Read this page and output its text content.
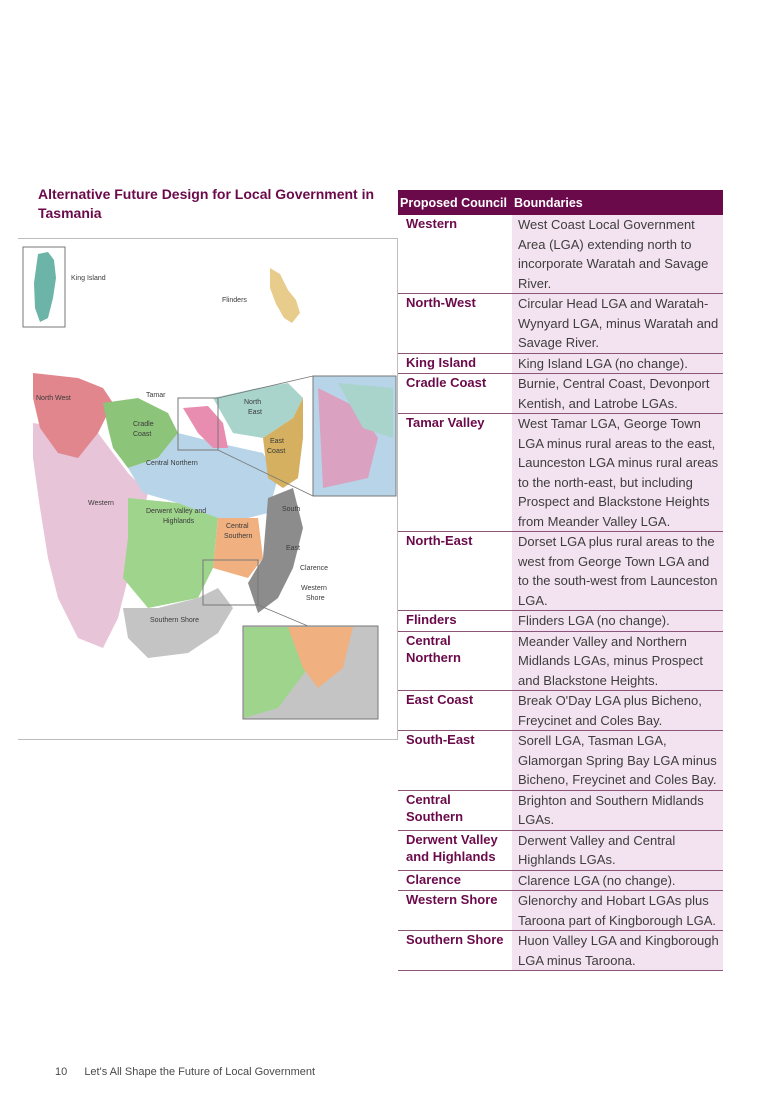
Alternative Future Design for Local Government in Tasmania
King Island
Flinders
North West	Tamar
Cradle
Coast
North
East
East
Coast
Central Northern
Western
Derwent Valley and
Highlands
Central
Southern
South
East
Clarence
Western
Shore
Southern Shore
Proposed Council	Boundaries
Western	West Coast Local Government Area (LGA) extending north to incorporate Waratah and Savage River.
North-West	Circular Head LGA and Waratah-Wynyard LGA, minus Waratah and Savage River.
King Island	King Island LGA (no change).
Cradle Coast	Burnie, Central Coast, Devonport Kentish, and Latrobe LGAs.
Tamar Valley	West Tamar LGA, George Town LGA minus rural areas to the east, Launceston LGA minus rural areas to the north-east, but including Prospect and Blackstone Heights from Meander Valley LGA.
North-East	Dorset LGA plus rural areas to the west from George Town LGA and to the south-west from Launceston LGA.
Flinders	Flinders LGA (no change).
Central Northern	Meander Valley and Northern Midlands LGAs, minus Prospect and Blackstone Heights.
East Coast	Break O'Day LGA plus Bicheno, Freycinet and Coles Bay.
South-East	Sorell LGA, Tasman LGA, Glamorgan Spring Bay LGA minus Bicheno, Freycinet and Coles Bay.
Central Southern	Brighton and Southern Midlands LGAs.
Derwent Valley and Highlands	Derwent Valley and Central Highlands LGAs.
Clarence	Clarence LGA (no change).
Western Shore	Glenorchy and Hobart LGAs plus Taroona part of Kingborough LGA.
Southern Shore	Huon Valley LGA and Kingborough LGA minus Taroona.
10 Let's All Shape the Future of Local Government
